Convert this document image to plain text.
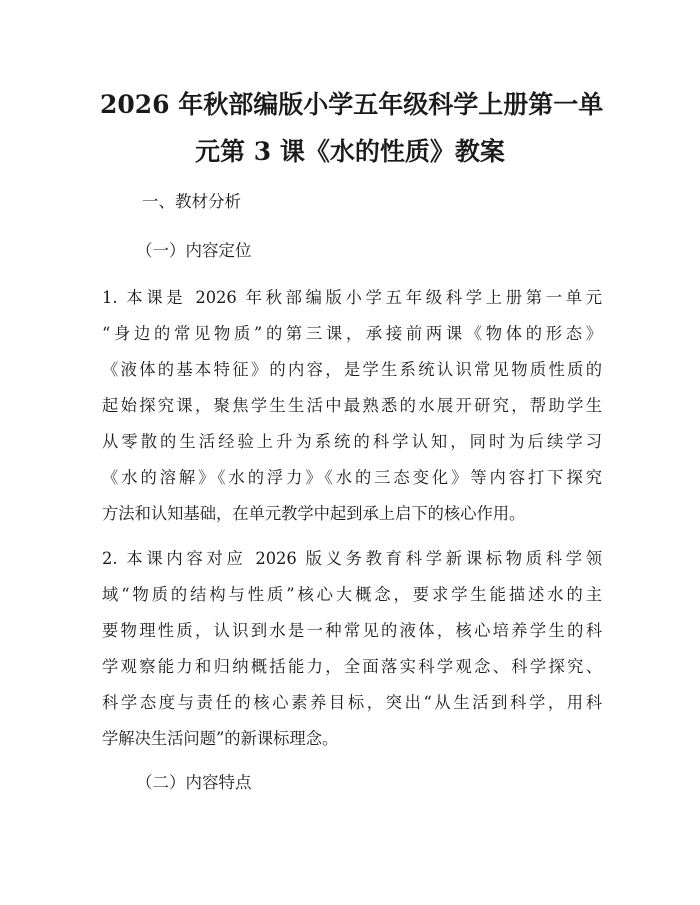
2026 年秋部编版小学五年级科学上册第一单
元第 3 课《水的性质》教案

一、教材分析

（一）内容定位

1. 本课是 2026 年秋部编版小学五年级科学上册第一单元
“身边的常见物质”的第三课，承接前两课《物体的形态》
《液体的基本特征》的内容，是学生系统认识常见物质性质的
起始探究课，聚焦学生生活中最熟悉的水展开研究，帮助学生
从零散的生活经验上升为系统的科学认知，同时为后续学习
《水的溶解》《水的浮力》《水的三态变化》等内容打下探究
方法和认知基础，在单元教学中起到承上启下的核心作用。
2. 本课内容对应 2026 版义务教育科学新课标物质科学领
域“物质的结构与性质”核心大概念，要求学生能描述水的主
要物理性质，认识到水是一种常见的液体，核心培养学生的科
学观察能力和归纳概括能力，全面落实科学观念、科学探究、
科学态度与责任的核心素养目标，突出“从生活到科学，用科
学解决生活问题”的新课标理念。

（二）内容特点
